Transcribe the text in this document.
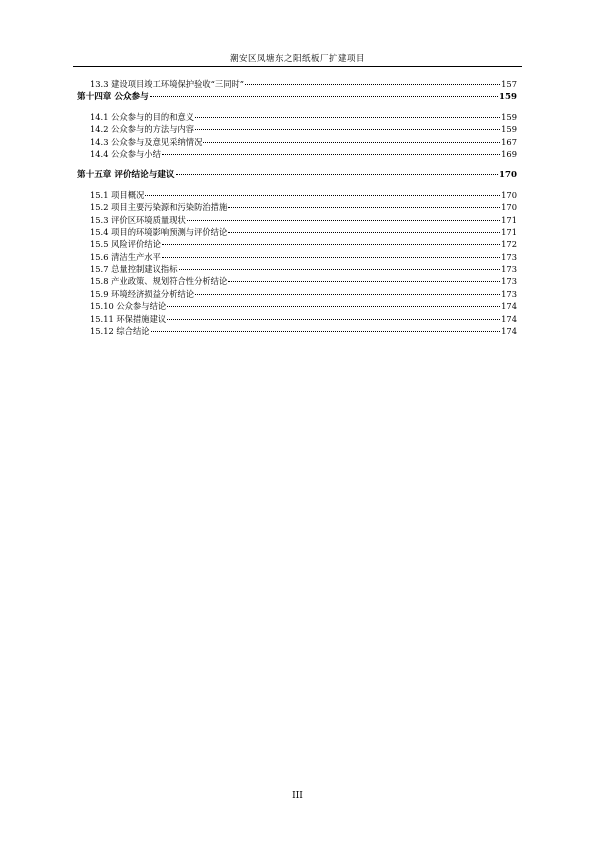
潮安区凤塘东之阳纸板厂扩建项目
13.3 建设项目竣工环境保护验收“三同时”	157
第十四章 公众参与	159
14.1 公众参与的目的和意义	159
14.2 公众参与的方法与内容	159
14.3 公众参与及意见采纳情况	167
14.4 公众参与小结	169
第十五章 评价结论与建议	170
15.1 项目概况	170
15.2 项目主要污染源和污染防治措施	170
15.3 评价区环境质量现状	171
15.4 项目的环境影响预测与评价结论	171
15.5 风险评价结论	172
15.6 清洁生产水平	173
15.7 总量控制建议指标	173
15.8 产业政策、规划符合性分析结论	173
15.9 环境经济损益分析结论	173
15.10 公众参与结论	174
15.11 环保措施建议	174
15.12 综合结论	174
III
